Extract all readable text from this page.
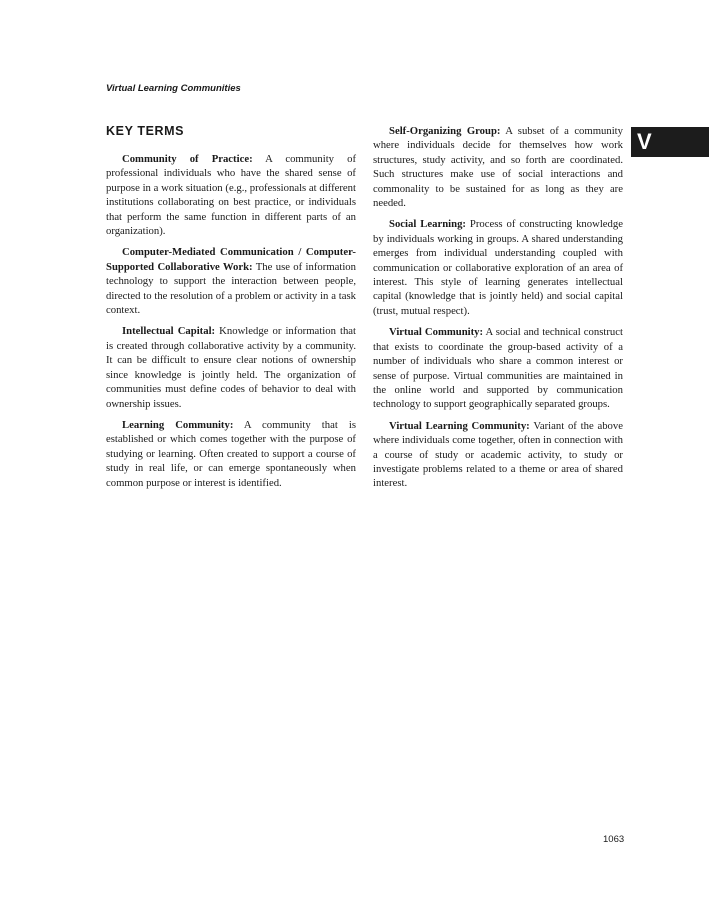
Virtual Learning Communities
V
KEY TERMS

Community of Practice: A community of professional individuals who have the shared sense of purpose in a work situation (e.g., professionals at different institutions collaborating on best practice, or individuals that perform the same function in different parts of an organization).

Computer-Mediated Communication / Computer-Supported Collaborative Work: The use of information technology to support the interaction between people, directed to the resolution of a problem or activity in a task context.

Intellectual Capital: Knowledge or information that is created through collaborative activity by a community. It can be difficult to ensure clear notions of ownership since knowledge is jointly held. The organization of communities must define codes of behavior to deal with ownership issues.

Learning Community: A community that is established or which comes together with the purpose of studying or learning. Often created to support a course of study in real life, or can emerge spontaneously when common purpose or interest is identified.

Self-Organizing Group: A subset of a community where individuals decide for themselves how work structures, study activity, and so forth are coordinated. Such structures make use of social interactions and commonality to be sustained for as long as they are needed.

Social Learning: Process of constructing knowledge by individuals working in groups. A shared understanding emerges from individual understanding coupled with communication or collaborative exploration of an area of interest. This style of learning generates intellectual capital (knowledge that is jointly held) and social capital (trust, mutual respect).

Virtual Community: A social and technical construct that exists to coordinate the group-based activity of a number of individuals who share a common interest or sense of purpose. Virtual communities are maintained in the online world and supported by communication technology to support geographically separated groups.

Virtual Learning Community: Variant of the above where individuals come together, often in connection with a course of study or academic activity, to study or investigate problems related to a theme or area of shared interest.

1063
